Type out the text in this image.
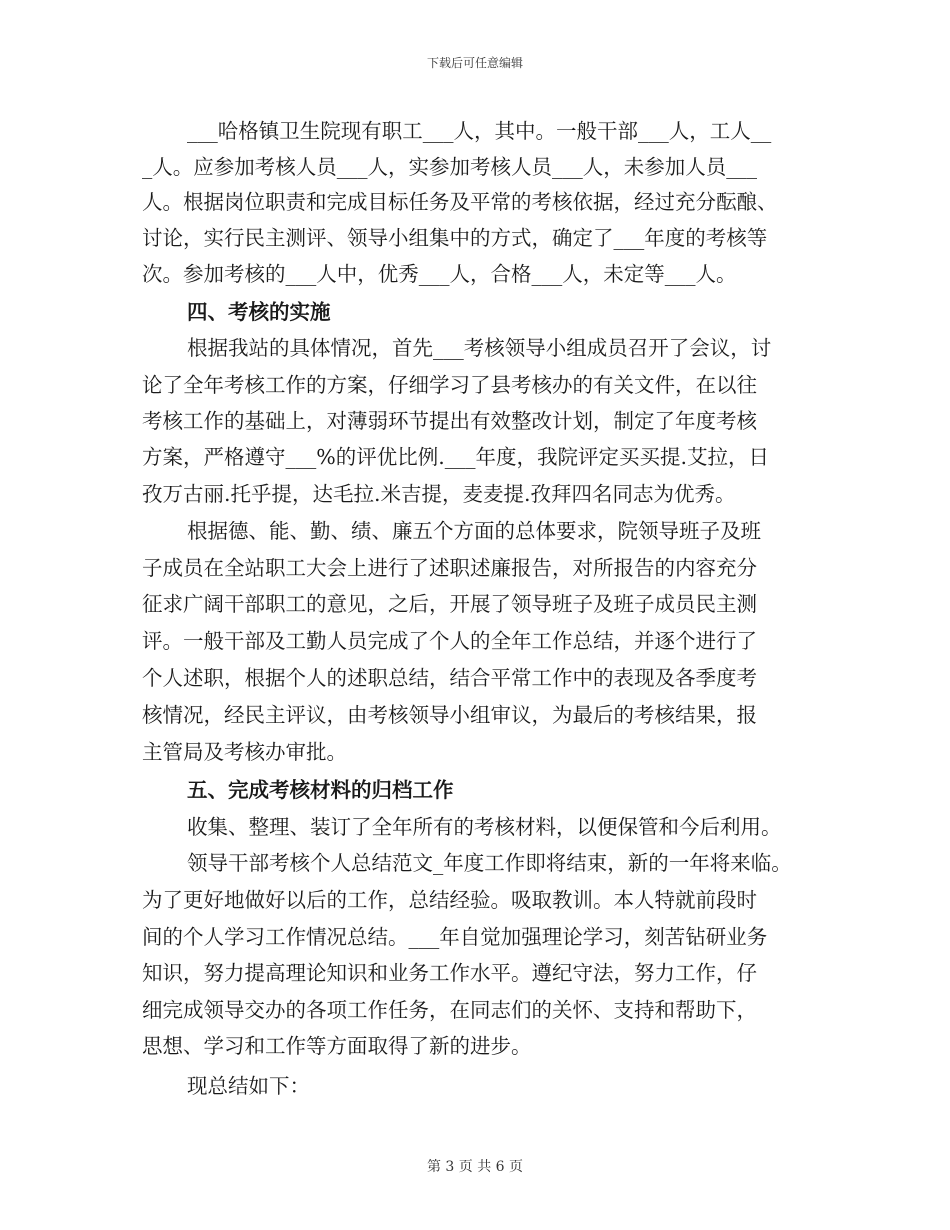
下载后可任意编辑
___哈格镇卫生院现有职工___人，其中。一般干部___人，工人__
_人。应参加考核人员___人，实参加考核人员___人，未参加人员___
人。根据岗位职责和完成目标任务及平常的考核依据，经过充分酝酿、
讨论，实行民主测评、领导小组集中的方式，确定了___年度的考核等
次。参加考核的___人中，优秀___人，合格___人，未定等___人。
四、考核的实施
根据我站的具体情况，首先___考核领导小组成员召开了会议，讨
论了全年考核工作的方案，仔细学习了县考核办的有关文件，在以往
考核工作的基础上，对薄弱环节提出有效整改计划，制定了年度考核
方案，严格遵守___%的评优比例.___年度，我院评定买买提.艾拉，日
孜万古丽.托乎提，达毛拉.米吉提，麦麦提.孜拜四名同志为优秀。
根据德、能、勤、绩、廉五个方面的总体要求，院领导班子及班
子成员在全站职工大会上进行了述职述廉报告，对所报告的内容充分
征求广阔干部职工的意见，之后，开展了领导班子及班子成员民主测
评。一般干部及工勤人员完成了个人的全年工作总结，并逐个进行了
个人述职，根据个人的述职总结，结合平常工作中的表现及各季度考
核情况，经民主评议，由考核领导小组审议，为最后的考核结果，报
主管局及考核办审批。
五、完成考核材料的归档工作
收集、整理、装订了全年所有的考核材料，以便保管和今后利用。
领导干部考核个人总结范文_年度工作即将结束，新的一年将来临。
为了更好地做好以后的工作，总结经验。吸取教训。本人特就前段时
间的个人学习工作情况总结。___年自觉加强理论学习，刻苦钻研业务
知识，努力提高理论知识和业务工作水平。遵纪守法，努力工作，仔
细完成领导交办的各项工作任务，在同志们的关怀、支持和帮助下，
思想、学习和工作等方面取得了新的进步。
现总结如下：
第 3 页 共 6 页
